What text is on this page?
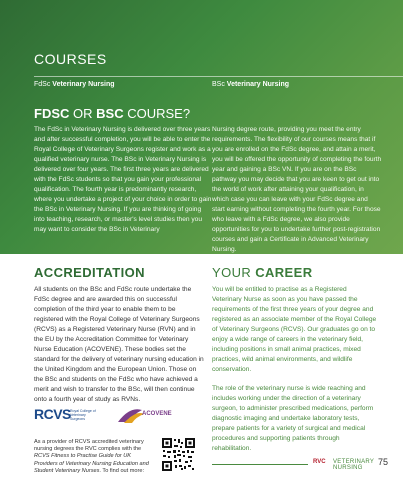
COURSES
FdSc Veterinary Nursing	BSc Veterinary Nursing
FDSC OR BSC COURSE?

The FdSc in Veterinary Nursing is delivered over three years and after successful completion, you will be able to enter the Royal College of Veterinary Surgeons register and work as a qualified veterinary nurse. The BSc in Veterinary Nursing is delivered over four years. The first three years are delivered with the FdSc students so that you gain your professional qualification. The fourth year is predominantly research, where you undertake a project of your choice in order to gain the BSc in Veterinary Nursing. If you are thinking of going into teaching, research, or master's level studies then you may want to consider the BSc in Veterinary

Nursing degree route, providing you meet the entry requirements. The flexibility of our courses means that if you are enrolled on the FdSc degree, and attain a merit, you will be offered the opportunity of completing the fourth year and gaining a BSc VN. If you are on the BSc pathway you may decide that you are keen to get out into the world of work after attaining your qualification, in which case you can leave with your FdSc degree and start earning without completing the fourth year. For those who leave with a FdSc degree, we also provide opportunities for you to undertake further post-registration courses and gain a Certificate in Advanced Veterinary Nursing.

ACCREDITATION	YOUR CAREER

All students on the BSc and FdSc route undertake the FdSc degree and are awarded this on successful completion of the third year to enable them to be registered with the Royal College of Veterinary Surgeons (RCVS) as a Registered Veterinary Nurse (RVN) and in the EU by the Accreditation Committee for Veterinary Nurse Education (ACOVENE). These bodies set the standard for the delivery of veterinary nursing education in the United Kingdom and the European Union. Those on the BSc and students on the FdSc who have achieved a merit and wish to transfer to the BSc, will then continue onto a fourth year of study as RVNs.

You will be entitled to practise as a Registered Veterinary Nurse as soon as you have passed the requirements of the first three years of your degree and registered as an associate member of the Royal College of Veterinary Surgeons (RCVS). Our graduates go on to enjoy a wide range of careers in the veterinary field, including positions in small animal practices, mixed practices, wild animal environments, and wildlife conservation.

The role of the veterinary nurse is wide reaching and includes working under the direction of a veterinary surgeon, to administer prescribed medications, perform diagnostic imaging and undertake laboratory tests, prepare patients for a variety of surgical and medical procedures and supporting patients through rehabilitation.

RCVS Royal College of Veterinary Surgeons
ACOVENE
As a provider of RCVS accredited veterinary nursing degrees the RVC complies with the RCVS Fitness to Practise Guide for UK Providers of Veterinary Nursing Education and Student Veterinary Nurses. To find out more:
RVC VETERINARY NURSING
75
